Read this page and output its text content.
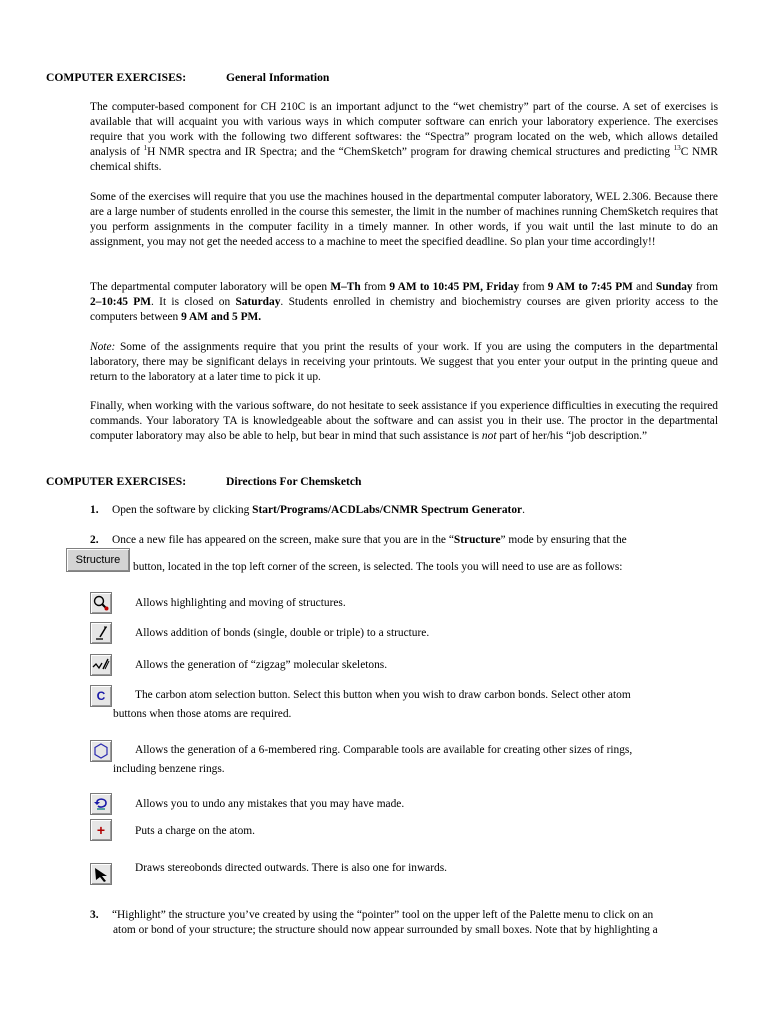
COMPUTER EXERCISES:	General Information
The computer-based component for CH 210C is an important adjunct to the “wet chemistry” part of the course. A set of exercises is available that will acquaint you with various ways in which computer software can enrich your laboratory experience. The exercises require that you work with the following two different softwares: the “Spectra” program located on the web, which allows detailed analysis of $^1$H NMR spectra and IR Spectra; and the “ChemSketch” program for drawing chemical structures and predicting $^{13}$C NMR chemical shifts.
Some of the exercises will require that you use the machines housed in the departmental computer laboratory, WEL 2.306. Because there are a large number of students enrolled in the course this semester, the limit in the number of machines running ChemSketch requires that you perform assignments in the computer facility in a timely manner. In other words, if you wait until the last minute to do an assignment, you may not get the needed access to a machine to meet the specified deadline. So plan your time accordingly!!
The departmental computer laboratory will be open M–Th from 9 AM to 10:45 PM, Friday from 9 AM to 7:45 PM and Sunday from 2–10:45 PM. It is closed on Saturday. Students enrolled in chemistry and biochemistry courses are given priority access to the computers between 9 AM and 5 PM.
Note: Some of the assignments require that you print the results of your work. If you are using the computers in the departmental laboratory, there may be significant delays in receiving your printouts. We suggest that you enter your output in the printing queue and return to the laboratory at a later time to pick it up.
Finally, when working with the various software, do not hesitate to seek assistance if you experience difficulties in executing the required commands. Your laboratory TA is knowledgeable about the software and can assist you in their use. The proctor in the departmental computer laboratory may also be able to help, but bear in mind that such assistance is not part of her/his “job description.”
COMPUTER EXERCISES:	Directions For Chemsketch
1. Open the software by clicking Start/Programs/ACDLabs/CNMR Spectrum Generator.
2. Once a new file has appeared on the screen, make sure that you are in the “Structure” mode by ensuring that the
Structure
button, located in the top left corner of the screen, is selected. The tools you will need to use are as follows:
Allows highlighting and moving of structures.
Allows addition of bonds (single, double or triple) to a structure.
Allows the generation of “zigzag” molecular skeletons.
C	The carbon atom selection button. Select this button when you wish to draw carbon bonds. Select other atom
buttons when those atoms are required.
Allows the generation of a 6-membered ring. Comparable tools are available for creating other sizes of rings,
including benzene rings.
Allows you to undo any mistakes that you may have made.
+	Puts a charge on the atom.
Draws stereobonds directed outwards. There is also one for inwards.
3. “Highlight” the structure you’ve created by using the “pointer” tool on the upper left of the Palette menu to click on an
atom or bond of your structure; the structure should now appear surrounded by small boxes. Note that by highlighting a
